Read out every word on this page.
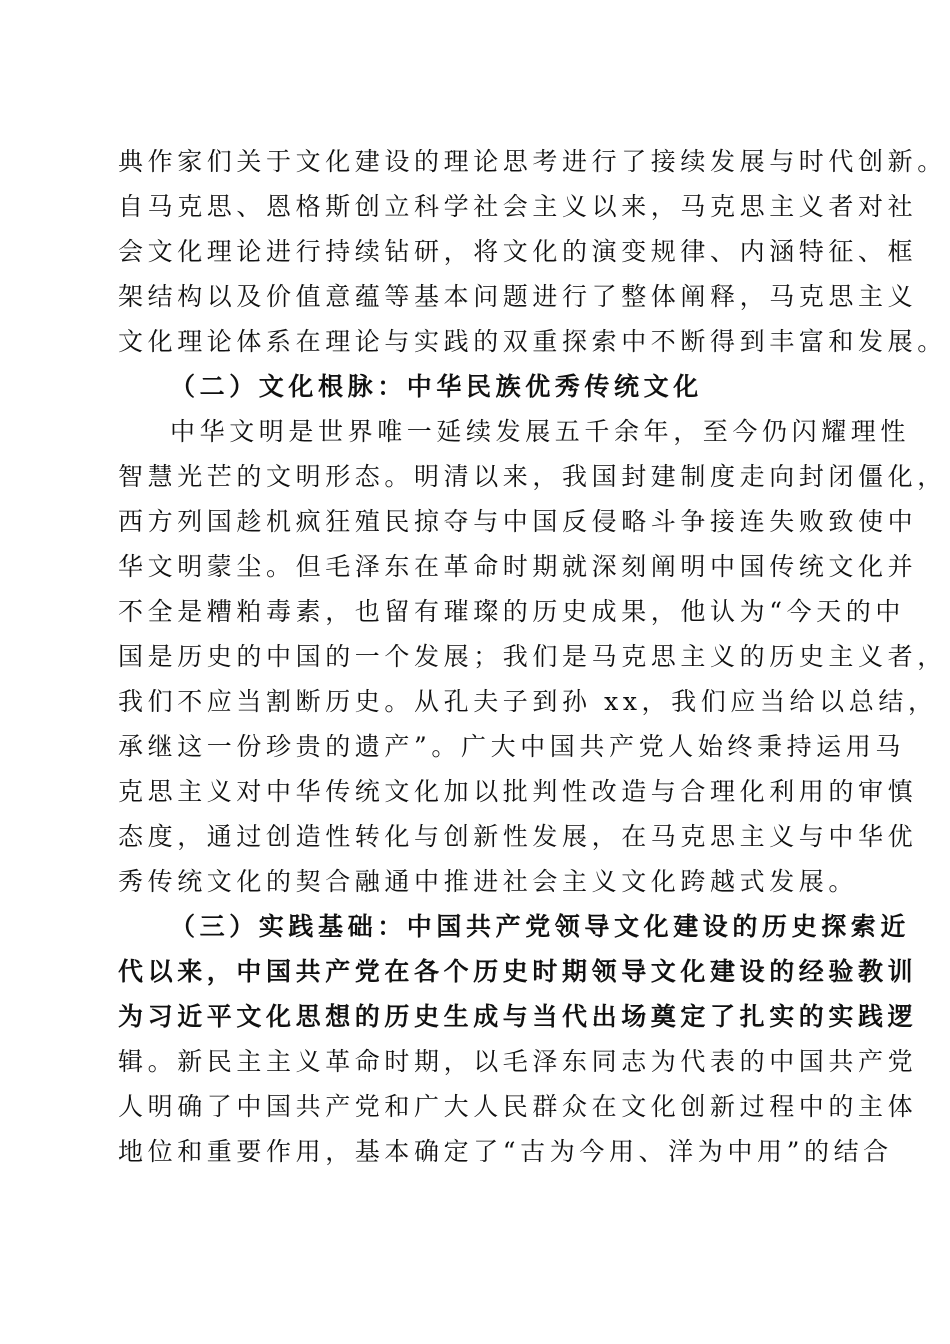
典作家们关于文化建设的理论思考进行了接续发展与时代创新。
自马克思、恩格斯创立科学社会主义以来，马克思主义者对社
会文化理论进行持续钻研，将文化的演变规律、内涵特征、框
架结构以及价值意蕴等基本问题进行了整体阐释，马克思主义
文化理论体系在理论与实践的双重探索中不断得到丰富和发展。
（二）文化根脉：中华民族优秀传统文化
中华文明是世界唯一延续发展五千余年，至今仍闪耀理性
智慧光芒的文明形态。明清以来，我国封建制度走向封闭僵化，
西方列国趁机疯狂殖民掠夺与中国反侵略斗争接连失败致使中
华文明蒙尘。但毛泽东在革命时期就深刻阐明中国传统文化并
不全是糟粕毒素，也留有璀璨的历史成果，他认为“今天的中
国是历史的中国的一个发展；我们是马克思主义的历史主义者，
我们不应当割断历史。从孔夫子到孙 xx，我们应当给以总结，
承继这一份珍贵的遗产”。广大中国共产党人始终秉持运用马
克思主义对中华传统文化加以批判性改造与合理化利用的审慎
态度，通过创造性转化与创新性发展，在马克思主义与中华优
秀传统文化的契合融通中推进社会主义文化跨越式发展。
（三）实践基础：中国共产党领导文化建设的历史探索近
代以来，中国共产党在各个历史时期领导文化建设的经验教训
为习近平文化思想的历史生成与当代出场奠定了扎实的实践逻
辑。新民主主义革命时期，以毛泽东同志为代表的中国共产党
人明确了中国共产党和广大人民群众在文化创新过程中的主体
地位和重要作用，基本确定了“古为今用、洋为中用”的结合
